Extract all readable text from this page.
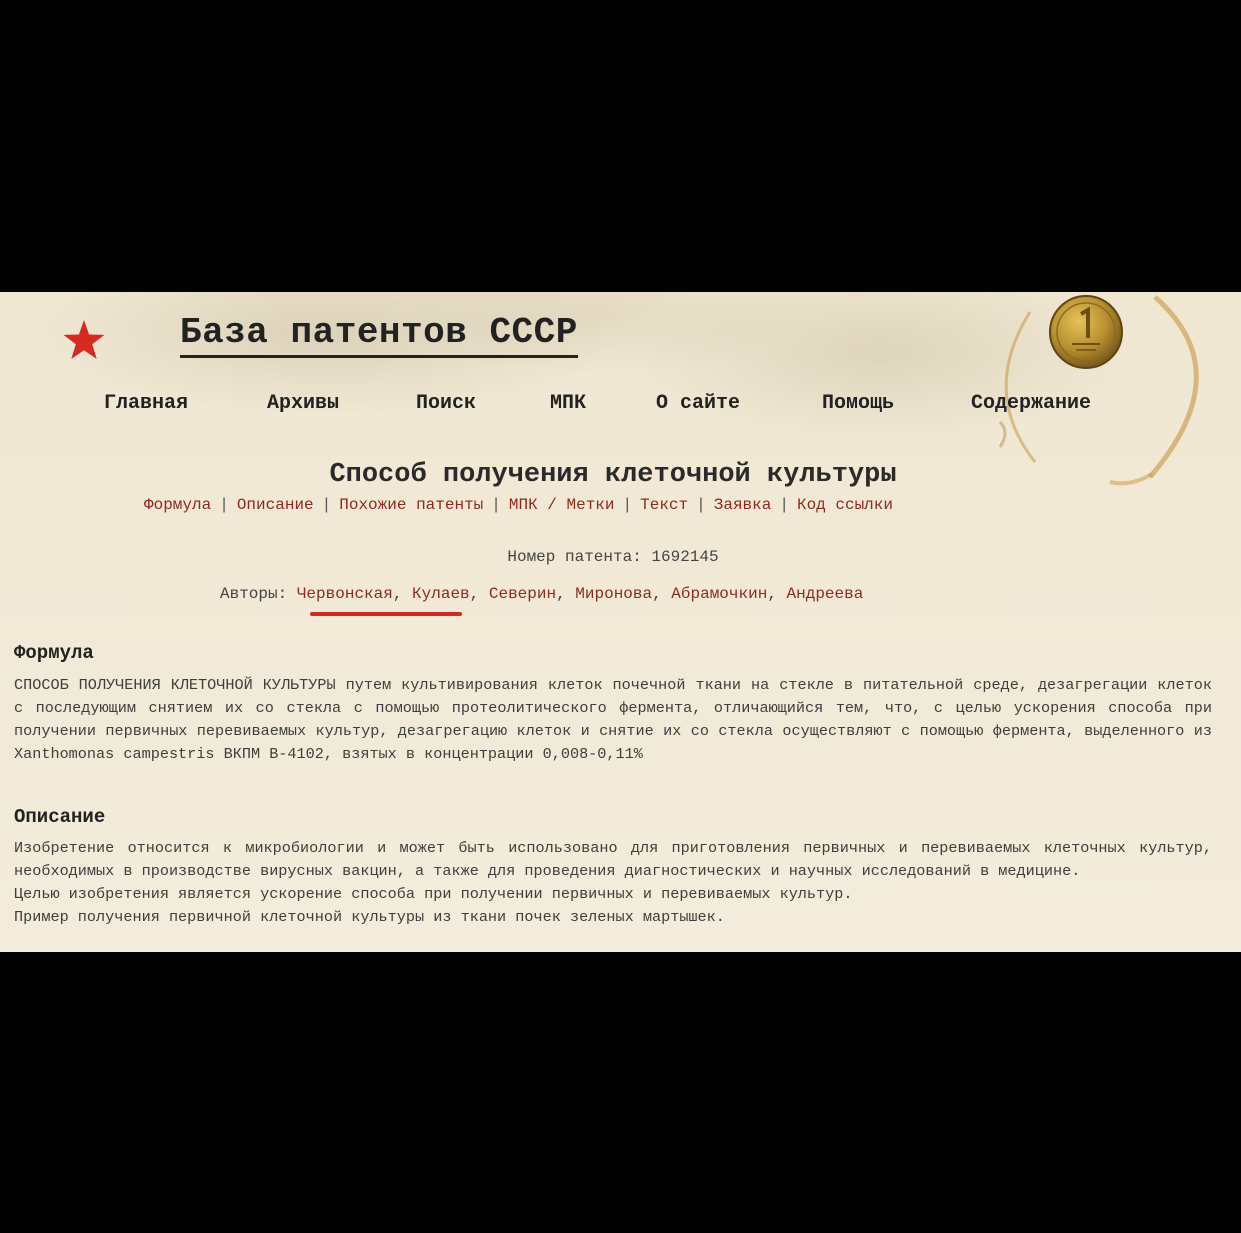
База патентов СССР
Главная	Архивы	Поиск	МПК	О сайте	Помощь	Содержание
Способ получения клеточной культуры
Формула | Описание | Похожие патенты | МПК / Метки | Текст | Заявка | Код ссылки
Номер патента: 1692145
Авторы: Червонская, Кулаев, Северин, Миронова, Абрамочкин, Андреева
Формула

СПОСОБ ПОЛУЧЕНИЯ КЛЕТОЧНОЙ КУЛЬТУРЫ путем культивирования клеток почечной ткани на стекле в питательной среде, дезагрегации клеток с последующим снятием их со стекла с помощью протеолитического фермента, отличающийся тем, что, с целью ускорения способа при получении первичных перевиваемых культур, дезагрегацию клеток и снятие их со стекла осуществляют с помощью фермента, выделенного из Xanthomonas campestris ВКПМ В-4102, взятых в концентрации 0,008-0,11%

Описание

Изобретение относится к микробиологии и может быть использовано для приготовления первичных и перевиваемых клеточных культур, необходимых в производстве вирусных вакцин, а также для проведения диагностических и научных исследований в медицине.

Целью изобретения является ускорение способа при получении первичных и перевиваемых культур.

Пример получения первичной клеточной культуры из ткани почек зеленых мартышек.
